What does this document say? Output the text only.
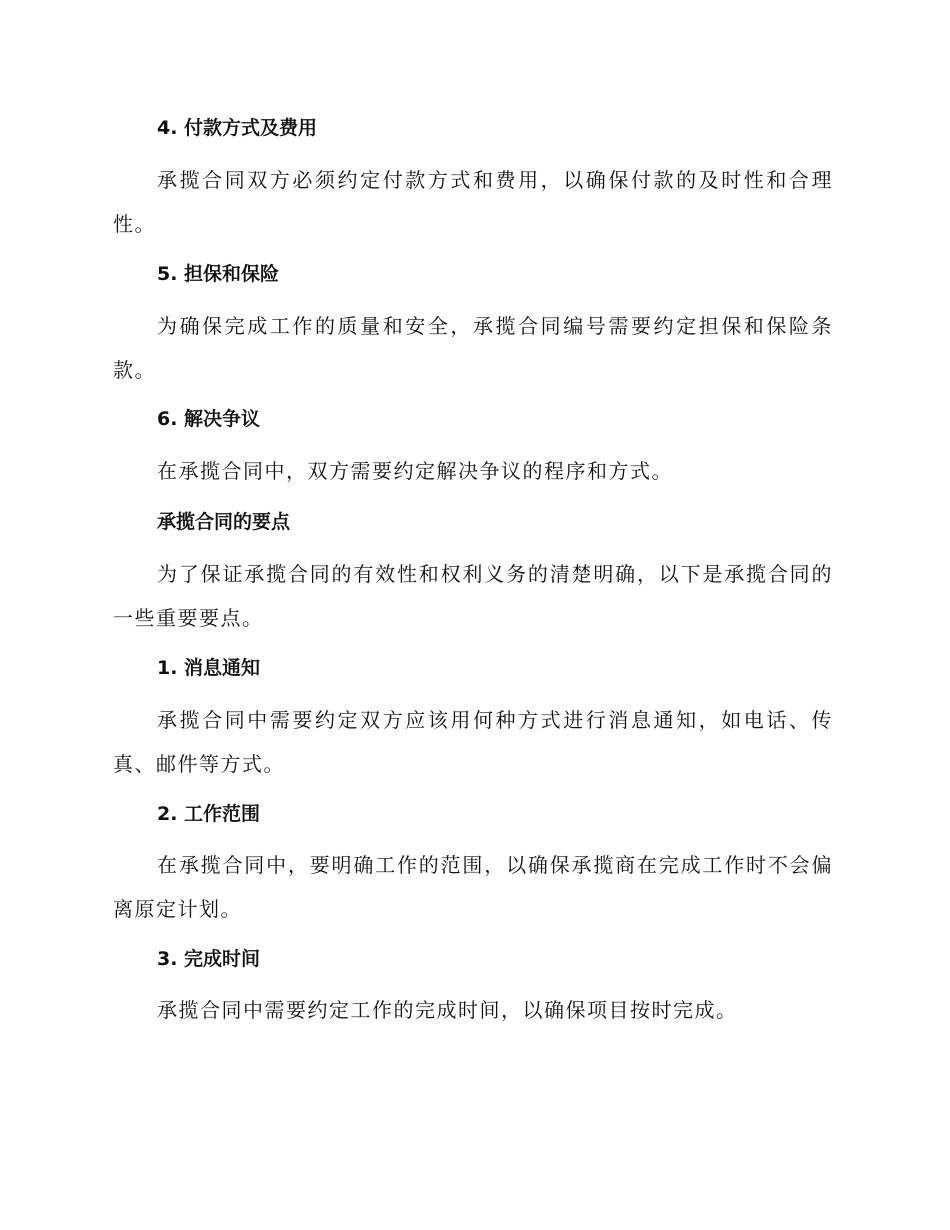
4. 付款方式及费用

承揽合同双方必须约定付款方式和费用，以确保付款的及时性和合理性。

5. 担保和保险

为确保完成工作的质量和安全，承揽合同编号需要约定担保和保险条款。

6. 解决争议

在承揽合同中，双方需要约定解决争议的程序和方式。

承揽合同的要点

为了保证承揽合同的有效性和权利义务的清楚明确，以下是承揽合同的一些重要要点。

1. 消息通知

承揽合同中需要约定双方应该用何种方式进行消息通知，如电话、传真、邮件等方式。

2. 工作范围

在承揽合同中，要明确工作的范围，以确保承揽商在完成工作时不会偏离原定计划。

3. 完成时间

承揽合同中需要约定工作的完成时间，以确保项目按时完成。
